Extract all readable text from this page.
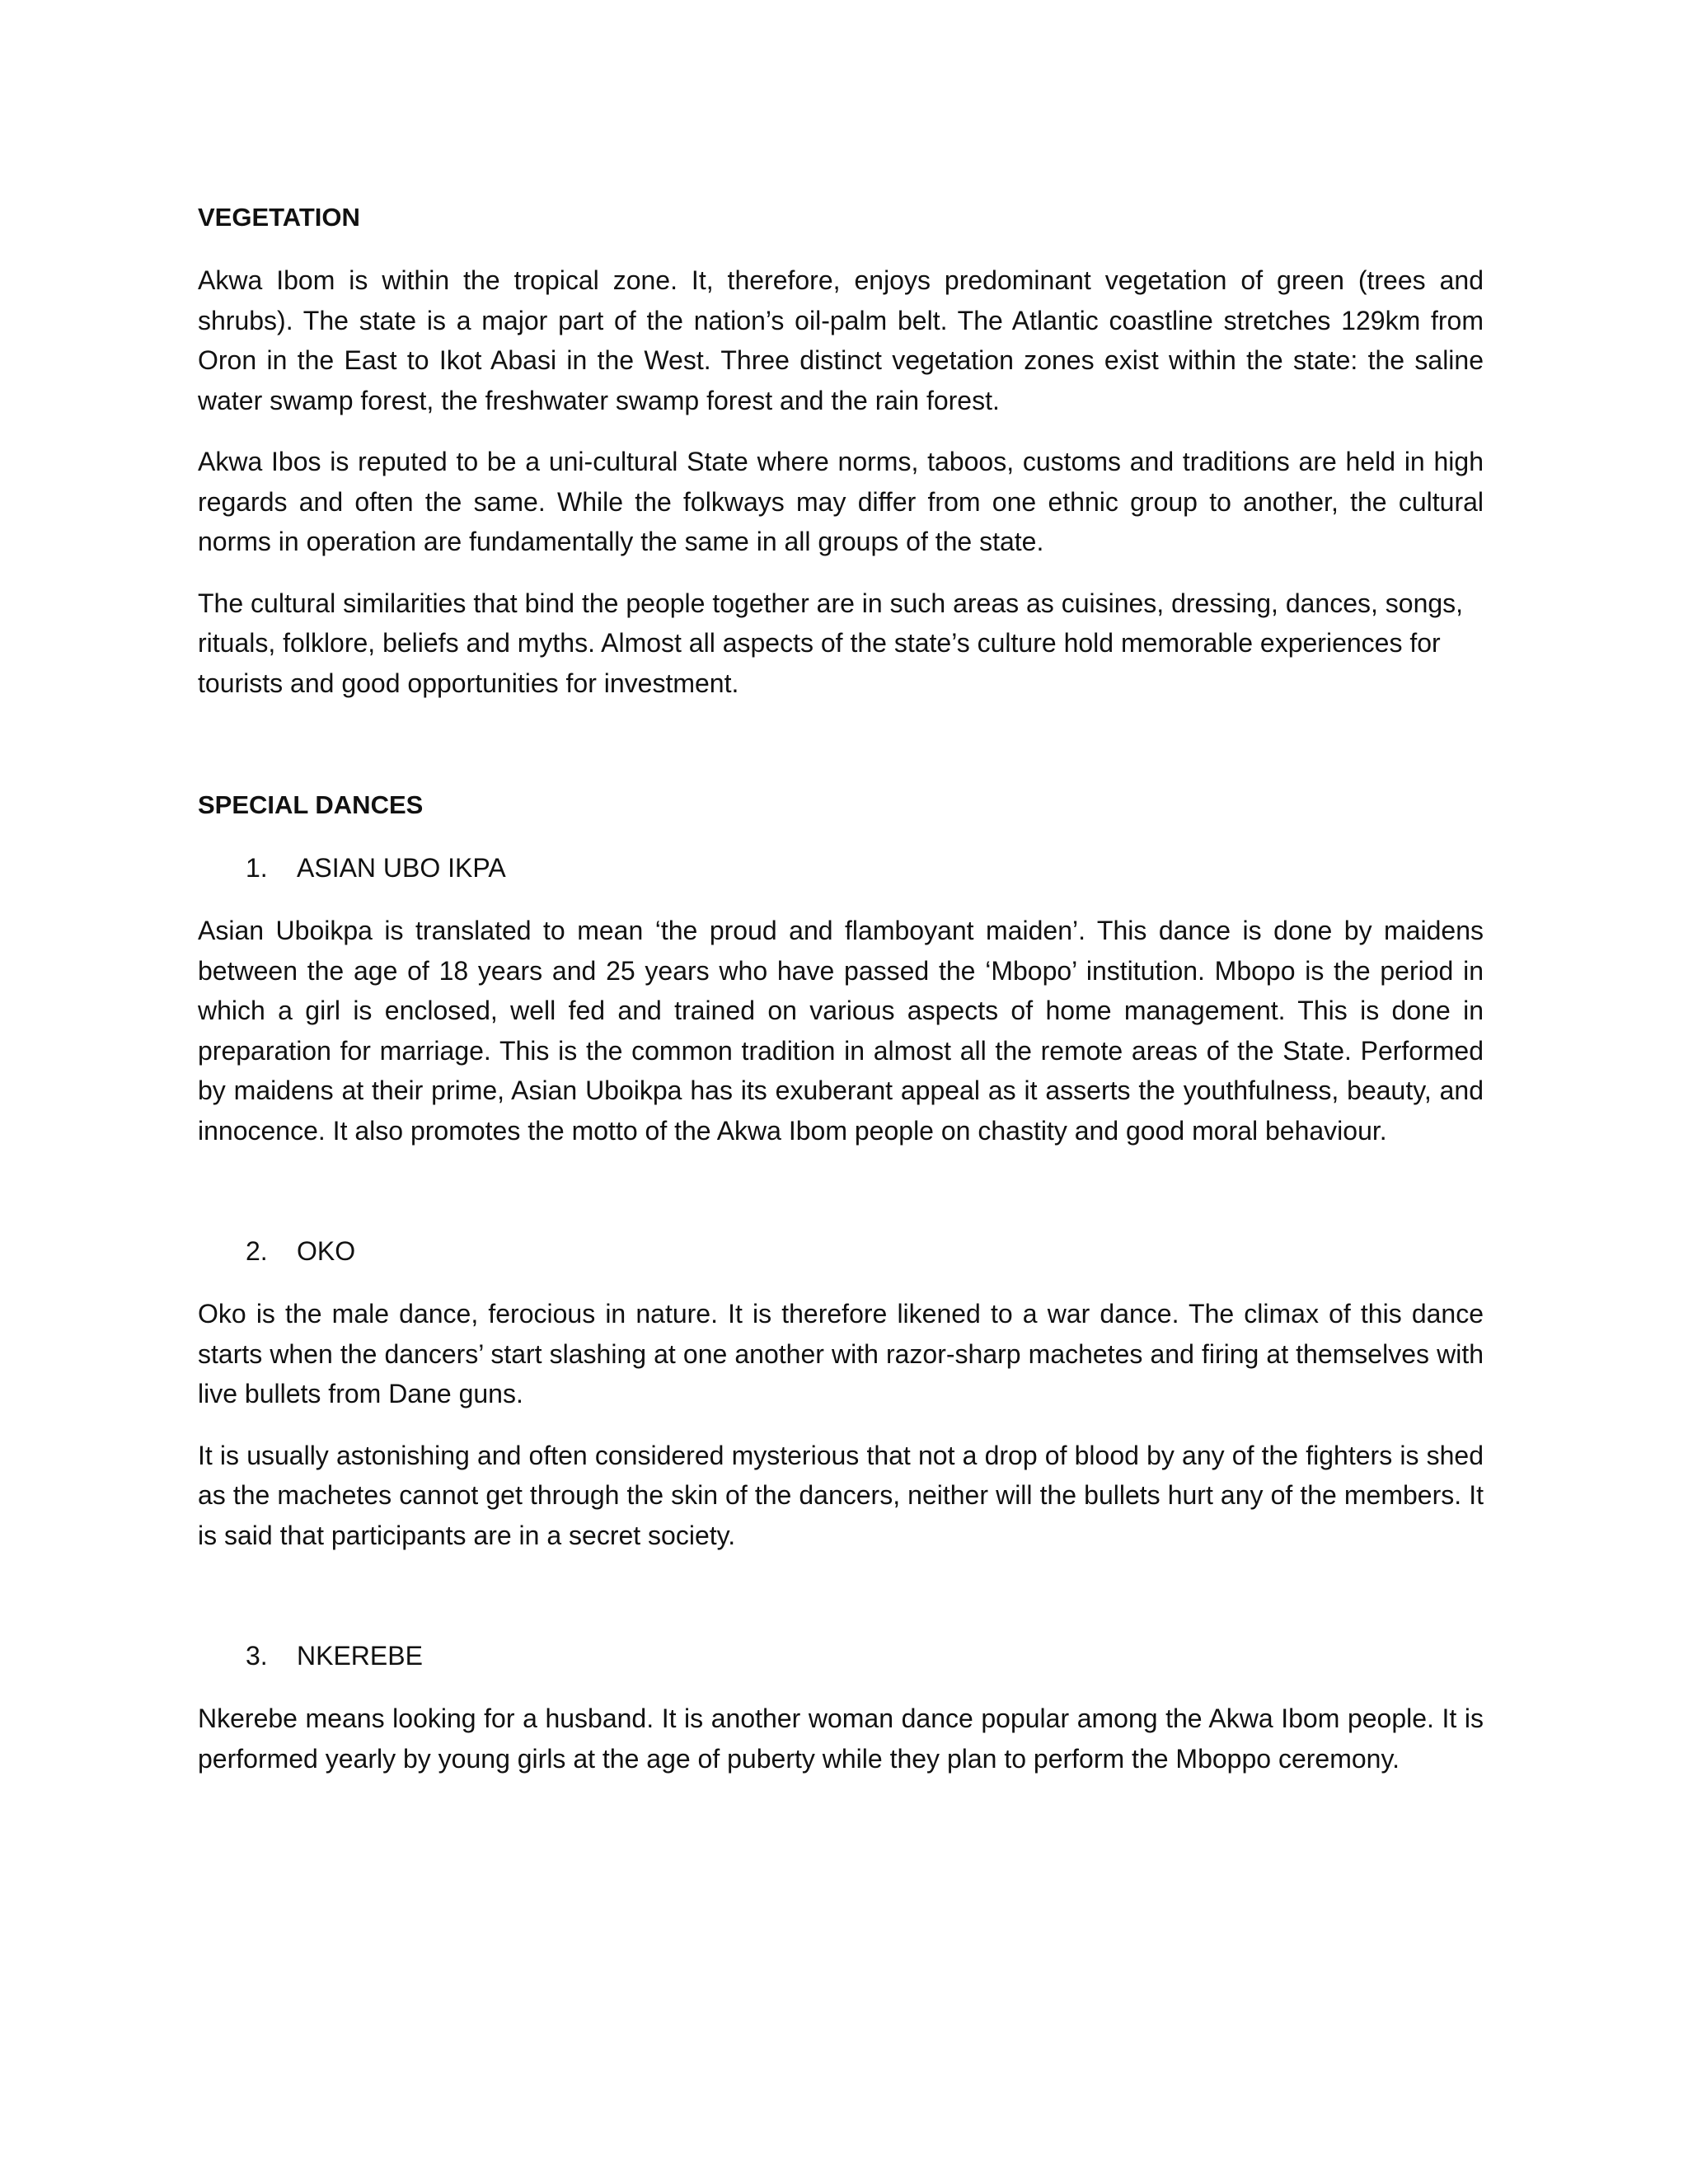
VEGETATION

Akwa Ibom is within the tropical zone. It, therefore, enjoys predominant vegetation of green (trees and shrubs). The state is a major part of the nation’s oil-palm belt. The Atlantic coastline stretches 129km from Oron in the East to Ikot Abasi in the West. Three distinct vegetation zones exist within the state: the saline water swamp forest, the freshwater swamp forest and the rain forest.

Akwa Ibos is reputed to be a uni-cultural State where norms, taboos, customs and traditions are held in high regards and often the same. While the folkways may differ from one ethnic group to another, the cultural norms in operation are fundamentally the same in all groups of the state.

The cultural similarities that bind the people together are in such areas as cuisines, dressing, dances, songs, rituals, folklore, beliefs and myths. Almost all aspects of the state’s culture hold memorable experiences for tourists and good opportunities for investment.

SPECIAL DANCES

1.	ASIAN UBO IKPA

Asian Uboikpa is translated to mean ‘the proud and flamboyant maiden’. This dance is done by maidens between the age of 18 years and 25 years who have passed the ‘Mbopo’ institution. Mbopo is the period in which a girl is enclosed, well fed and trained on various aspects of home management. This is done in preparation for marriage. This is the common tradition in almost all the remote areas of the State. Performed by maidens at their prime, Asian Uboikpa has its exuberant appeal as it asserts the youthfulness, beauty, and innocence. It also promotes the motto of the Akwa Ibom people on chastity and good moral behaviour.

2.	OKO

Oko is the male dance, ferocious in nature. It is therefore likened to a war dance. The climax of this dance starts when the dancers’ start slashing at one another with razor-sharp machetes and firing at themselves with live bullets from Dane guns.

It is usually astonishing and often considered mysterious that not a drop of blood by any of the fighters is shed as the machetes cannot get through the skin of the dancers, neither will the bullets hurt any of the members. It is said that participants are in a secret society.

3.	NKEREBE

Nkerebe means looking for a husband. It is another woman dance popular among the Akwa Ibom people. It is performed yearly by young girls at the age of puberty while they plan to perform the Mboppo ceremony.
